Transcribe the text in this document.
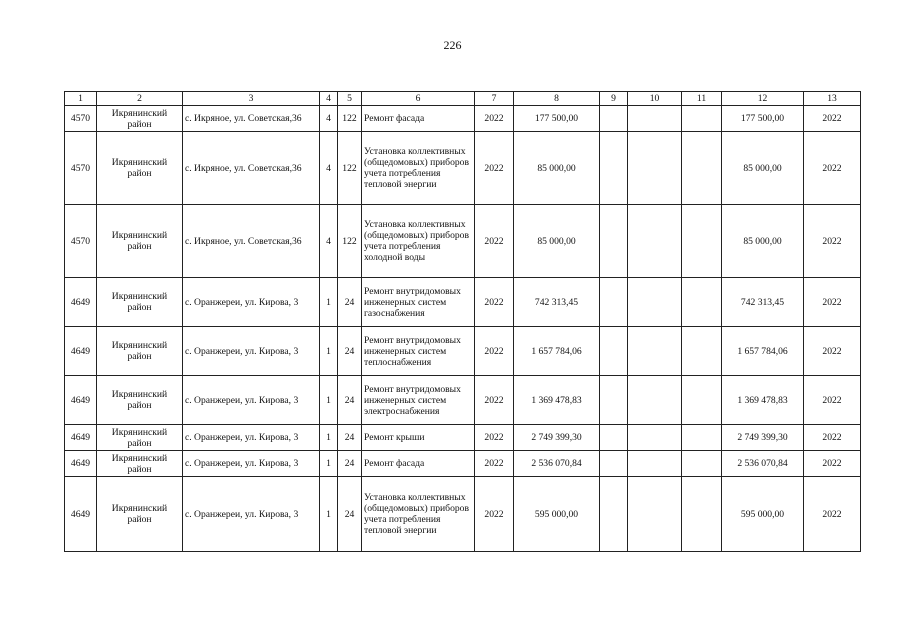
226
1	2	3	4	5	6	7	8	9	10	11	12	13
4570	Икрянинский район	с. Икряное, ул. Советская,36	4	122	Ремонт фасада	2022	177 500,00				177 500,00	2022
4570	Икрянинский район	с. Икряное, ул. Советская,36	4	122	Установка коллективных (общедомовых) приборов учета потребления тепловой энергии	2022	85 000,00				85 000,00	2022
4570	Икрянинский район	с. Икряное, ул. Советская,36	4	122	Установка коллективных (общедомовых) приборов учета потребления холодной воды	2022	85 000,00				85 000,00	2022
4649	Икрянинский район	с. Оранжереи, ул. Кирова, 3	1	24	Ремонт внутридомовых инженерных систем газоснабжения	2022	742 313,45				742 313,45	2022
4649	Икрянинский район	с. Оранжереи, ул. Кирова, 3	1	24	Ремонт внутридомовых инженерных систем теплоснабжения	2022	1 657 784,06				1 657 784,06	2022
4649	Икрянинский район	с. Оранжереи, ул. Кирова, 3	1	24	Ремонт внутридомовых инженерных систем электроснабжения	2022	1 369 478,83				1 369 478,83	2022
4649	Икрянинский район	с. Оранжереи, ул. Кирова, 3	1	24	Ремонт крыши	2022	2 749 399,30				2 749 399,30	2022
4649	Икрянинский район	с. Оранжереи, ул. Кирова, 3	1	24	Ремонт фасада	2022	2 536 070,84				2 536 070,84	2022
4649	Икрянинский район	с. Оранжереи, ул. Кирова, 3	1	24	Установка коллективных (общедомовых) приборов учета потребления тепловой энергии	2022	595 000,00				595 000,00	2022
